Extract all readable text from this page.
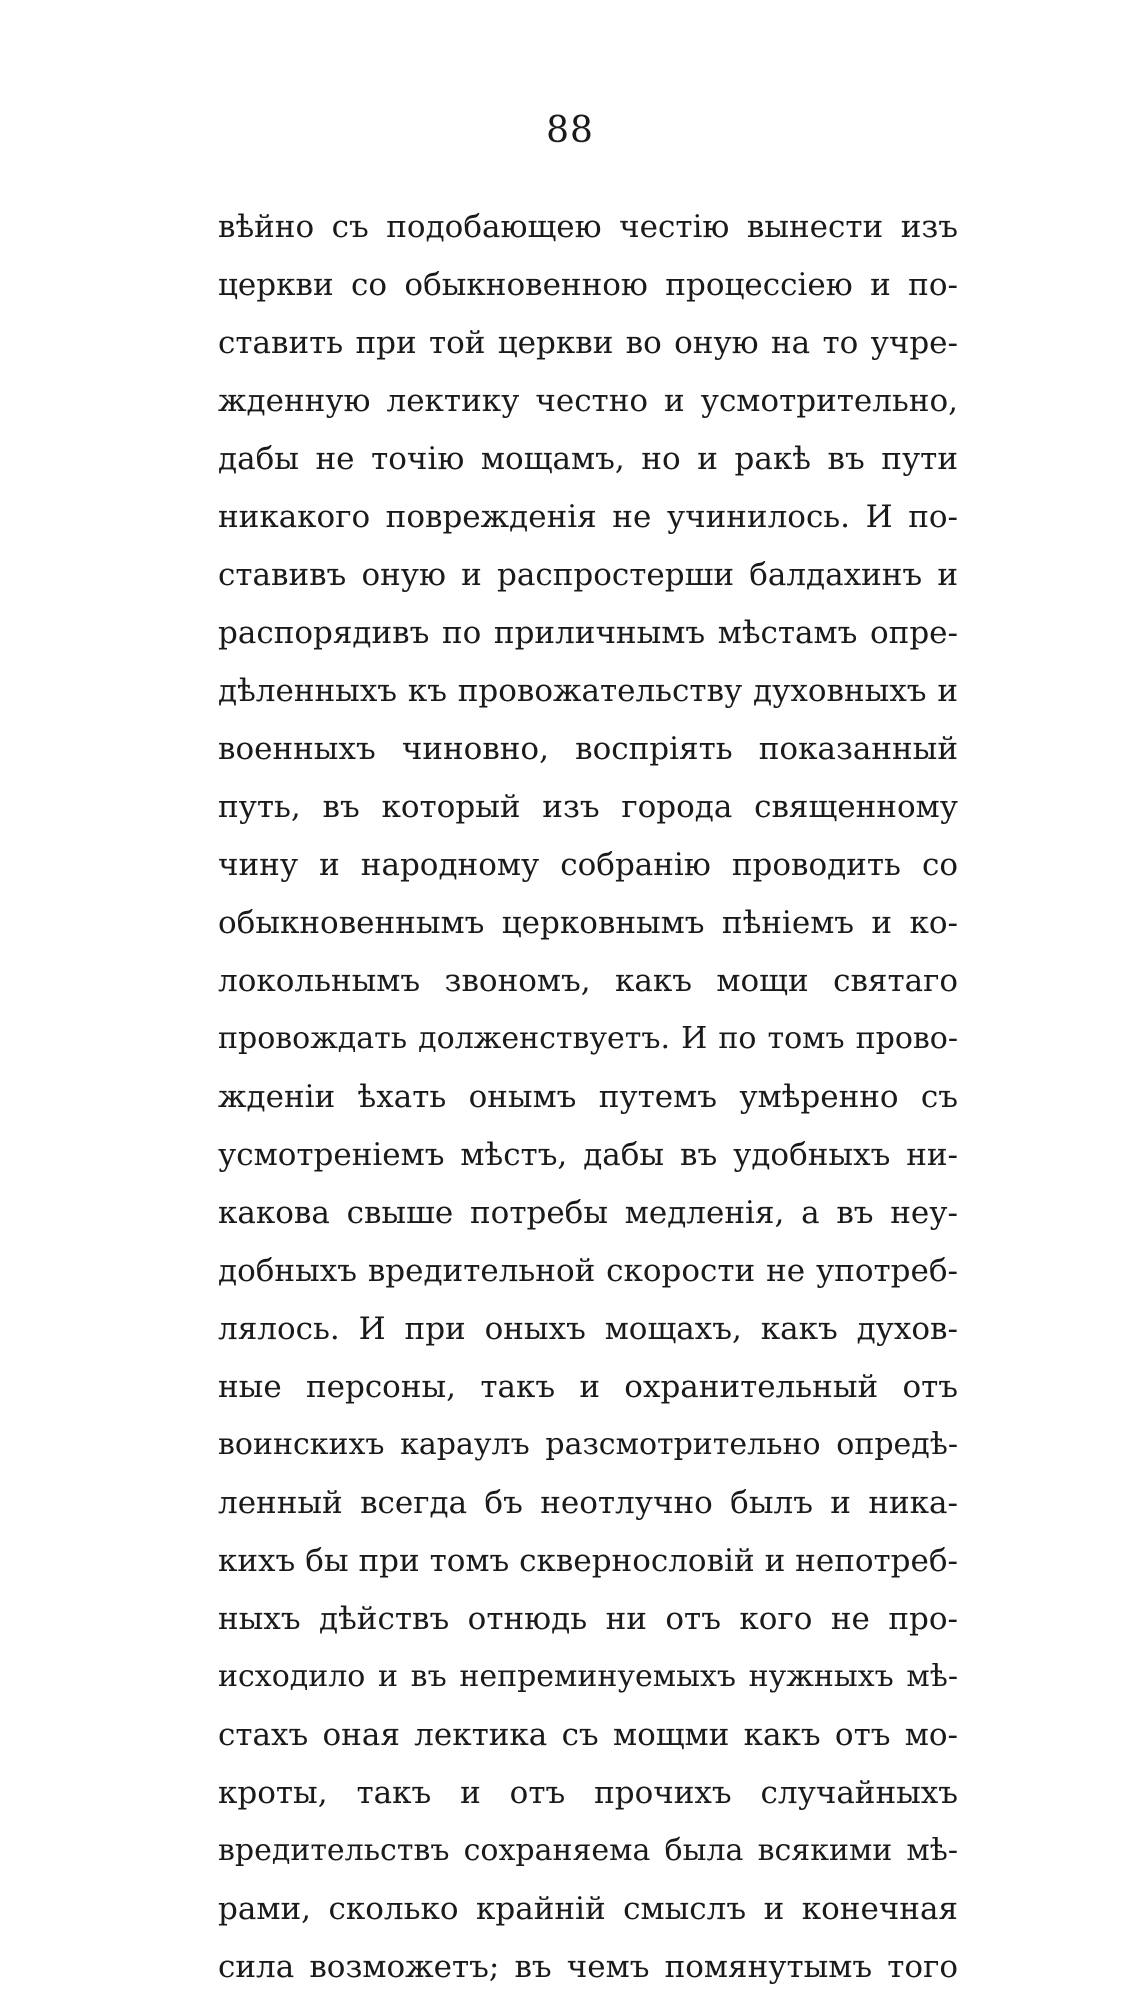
88

вѣйно съ подобающею честію вынести изъ
церкви со обыкновенною процессіею и по-
ставить при той церкви во оную на то учре-
жденную лектику честно и усмотрительно,
дабы не точію мощамъ, но и ракѣ въ пути
никакого поврежденія не учинилось. И по-
ставивъ оную и распростерши балдахинъ и
распорядивъ по приличнымъ мѣстамъ опре-
дѣленныхъ къ провожательству духовныхъ и
военныхъ чиновно, воспріять показанный
путь, въ который изъ города священному
чину и народному собранію проводить со
обыкновеннымъ церковнымъ пѣніемъ и ко-
локольнымъ звономъ, какъ мощи святаго
провождать долженствуетъ. И по томъ прово-
жденіи ѣхать онымъ путемъ умѣренно съ
усмотреніемъ мѣстъ, дабы въ удобныхъ ни-
какова свыше потребы медленія, а въ неу-
добныхъ вредительной скорости не употреб-
лялось. И при оныхъ мощахъ, какъ духов-
ные персоны, такъ и охранительный отъ
воинскихъ караулъ разсмотрительно опредѣ-
ленный всегда бъ неотлучно былъ и ника-
кихъ бы при томъ сквернословій и непотреб-
ныхъ дѣйствъ отнюдь ни отъ кого не про-
исходило и въ непреминуемыхъ нужныхъ мѣ-
стахъ оная лектика съ мощми какъ отъ мо-
кроты, такъ и отъ прочихъ случайныхъ
вредительствъ сохраняема была всякими мѣ-
рами, сколько крайній смыслъ и конечная
сила возможетъ; въ чемъ помянутымъ того
